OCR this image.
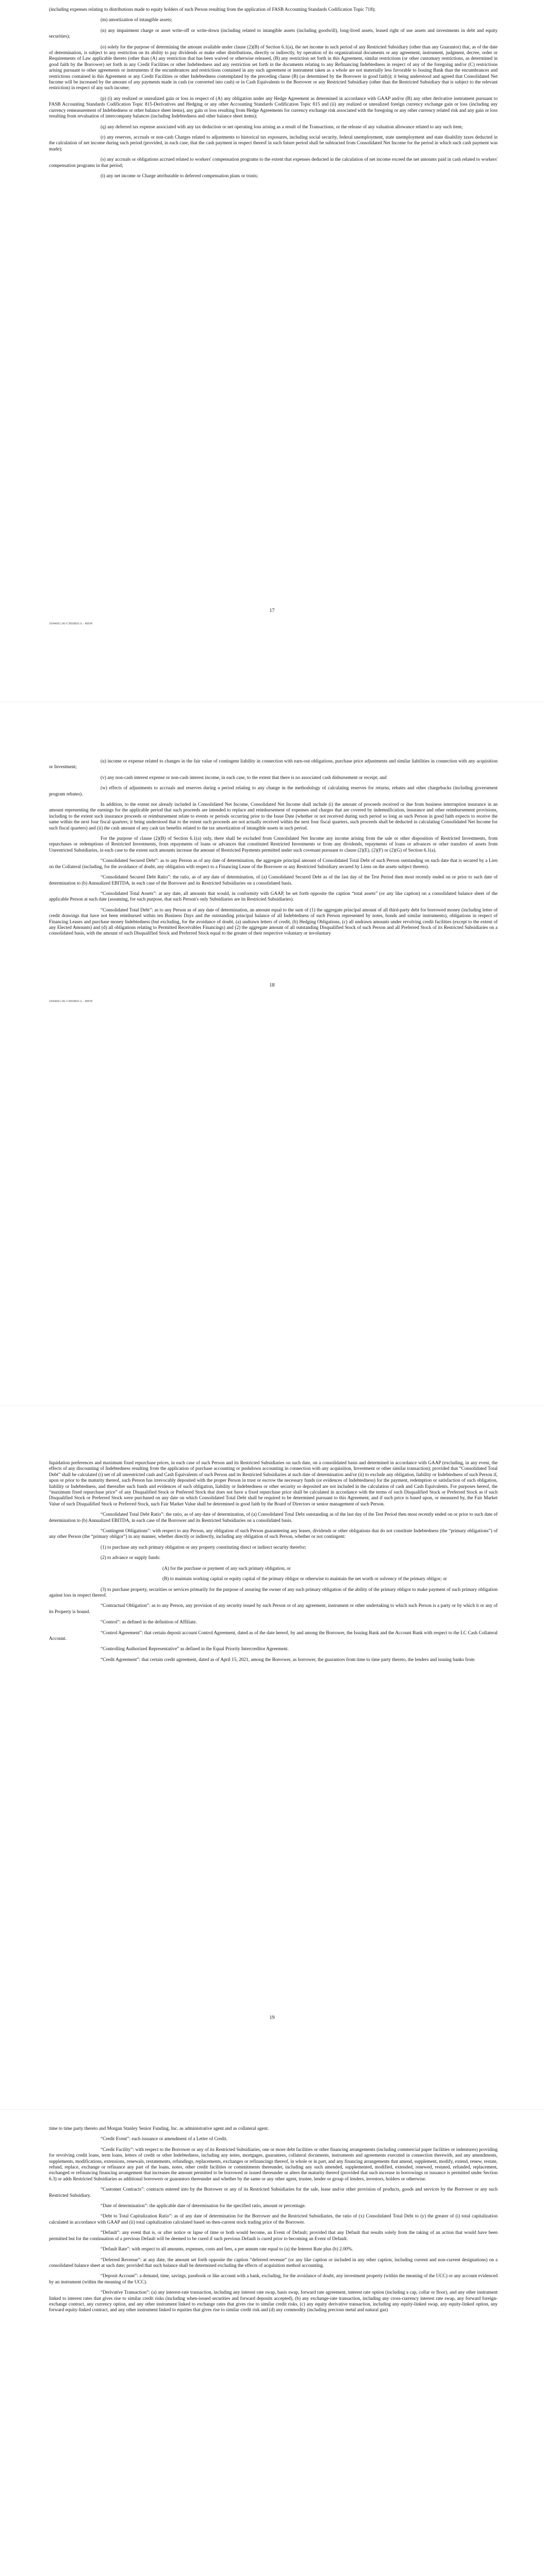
(including expenses relating to distributions made to equity holders of such Person resulting from the application of FASB Accounting Standards Codification Topic 718);

(m) amortization of intangible assets;

(n) any impairment charge or asset write-off or write-down (including related to intangible assets (including goodwill), long-lived assets, leased right of use assets and investments in debt and equity securities);

(o) solely for the purpose of determining the amount available under clause (2)(B) of Section 6.1(a), the net income in such period of any Restricted Subsidiary (other than any Guarantor) that, as of the date of determination, is subject to any restriction on its ability to pay dividends or make other distributions, directly or indirectly, by operation of its organizational documents or any agreement, instrument, judgment, decree, order or Requirements of Law applicable thereto (other than (A) any restriction that has been waived or otherwise released, (B) any restriction set forth in this Agreement, similar restrictions (or other customary restrictions, as determined in good faith by the Borrower) set forth in any Credit Facilities or other Indebtedness and any restriction set forth in the documents relating to any Refinancing Indebtedness in respect of any of the foregoing and/or (C) restrictions arising pursuant to other agreements or instruments if the encumbrances and restrictions contained in any such agreement or instrument taken as a whole are not materially less favorable to Issuing Bank than the encumbrances and restrictions contained in this Agreement or any Credit Facilities or other Indebtedness contemplated by the preceding clause (B) (as determined by the Borrower in good faith)); it being understood and agreed that Consolidated Net Income will be increased by the amount of any payments made in cash (or converted into cash) or in Cash Equivalents to the Borrower or any Restricted Subsidiary (other than the Restricted Subsidiary that is subject to the relevant restriction) in respect of any such income;

(p) (i) any realized or unrealized gain or loss in respect of (A) any obligation under any Hedge Agreement as determined in accordance with GAAP and/or (B) any other derivative instrument pursuant to FASB Accounting Standards Codification Topic 815-Derivatives and Hedging or any other Accounting Standards Codification Topic 815 and (ii) any realized or unrealized foreign currency exchange gain or loss (including any currency remeasurement of Indebtedness or other balance sheet items), any gain or loss resulting from Hedge Agreements for currency exchange risk associated with the foregoing or any other currency related risk and any gain or loss resulting from revaluation of intercompany balances (including Indebtedness and other balance sheet items);

(q) any deferred tax expense associated with any tax deduction or net operating loss arising as a result of the Transactions, or the release of any valuation allowance related to any such item;

(r) any reserves, accruals or non-cash Charges related to adjustments to historical tax exposures, including social security, federal unemployment, state unemployment and state disability taxes deducted in the calculation of net income during such period (provided, in each case, that the cash payment in respect thereof in such future period shall be subtracted from Consolidated Net Income for the period in which such cash payment was made);

(s) any accruals or obligations accrued related to workers' compensation programs to the extent that expenses deducted in the calculation of net income exceed the net amounts paid in cash related to workers' compensation programs in that period;

(t) any net income or Charge attributable to deferred compensation plans or trusts;

17
1094001.06-CHISR01A - MSW

(u) income or expense related to changes in the fair value of contingent liability in connection with earn-out obligations, purchase price adjustments and similar liabilities in connection with any acquisition or Investment;

(v) any non-cash interest expense or non-cash interest income, in each case, to the extent that there is no associated cash disbursement or receipt; and

(w) effects of adjustments to accruals and reserves during a period relating to any change in the methodology of calculating reserves for returns, rebates and other chargebacks (including government program rebates).

In addition, to the extent not already included in Consolidated Net Income, Consolidated Net Income shall include (i) the amount of proceeds received or due from business interruption insurance in an amount representing the earnings for the applicable period that such proceeds are intended to replace and reimbursement of expenses and charges that are covered by indemnification, insurance and other reimbursement provisions, including to the extent such insurance proceeds or reimbursement relate to events or periods occurring prior to the Issue Date (whether or not received during such period so long as such Person in good faith expects to receive the same within the next four fiscal quarters; it being understood that to the extent such proceeds are not actually received within the next four fiscal quarters, such proceeds shall be deducted in calculating Consolidated Net Income for such fiscal quarters) and (ii) the cash amount of any cash tax benefits related to the tax amortization of intangible assets in such period.

For the purpose of clause (2)(B) of Section 6.1(a) only, there shall be excluded from Consolidated Net Income any income arising from the sale or other disposition of Restricted Investments, from repurchases or redemptions of Restricted Investments, from repayments of loans or advances that constituted Restricted Investments or from any dividends, repayments of loans or advances or other transfers of assets from Unrestricted Subsidiaries, in each case to the extent such amounts increase the amount of Restricted Payments permitted under such covenant pursuant to clause (2)(E), (2)(F) or (2)(G) of Section 6.1(a).

“Consolidated Secured Debt”: as to any Person as of any date of determination, the aggregate principal amount of Consolidated Total Debt of such Person outstanding on such date that is secured by a Lien on the Collateral (including, for the avoidance of doubt, any obligation with respect to a Financing Lease of the Borrower or any Restricted Subsidiary secured by Liens on the assets subject thereto).

“Consolidated Secured Debt Ratio”: the ratio, as of any date of determination, of (a) Consolidated Secured Debt as of the last day of the Test Period then most recently ended on or prior to such date of determination to (b) Annualized EBITDA, in each case of the Borrower and its Restricted Subsidiaries on a consolidated basis.

“Consolidated Total Assets”: at any date, all amounts that would, in conformity with GAAP, be set forth opposite the caption “total assets” (or any like caption) on a consolidated balance sheet of the applicable Person at such date (assuming, for such purpose, that such Person's only Subsidiaries are its Restricted Subsidiaries).

“Consolidated Total Debt”: as to any Person as of any date of determination, an amount equal to the sum of (1) the aggregate principal amount of all third-party debt for borrowed money (including letter of credit drawings that have not been reimbursed within ten Business Days and the outstanding principal balance of all Indebtedness of such Person represented by notes, bonds and similar instruments), obligations in respect of Financing Leases and purchase money Indebtedness (but excluding, for the avoidance of doubt, (a) undrawn letters of credit, (b) Hedging Obligations, (c) all undrawn amounts under revolving credit facilities (except to the extent of any Elected Amounts) and (d) all obligations relating to Permitted Receivables Financings) and (2) the aggregate amount of all outstanding Disqualified Stock of such Person and all Preferred Stock of its Restricted Subsidiaries on a consolidated basis, with the amount of such Disqualified Stock and Preferred Stock equal to the greater of their respective voluntary or involuntary

18
1094001.06-CHISR01A - MSW

liquidation preferences and maximum fixed repurchase prices, in each case of such Person and its Restricted Subsidiaries on such date, on a consolidated basis and determined in accordance with GAAP (excluding, in any event, the effects of any discounting of Indebtedness resulting from the application of purchase accounting or pushdown accounting in connection with any acquisition, Investment or other similar transaction); provided that “Consolidated Total Debt” shall be calculated (i) net of all unrestricted cash and Cash Equivalents of such Person and its Restricted Subsidiaries at such date of determination and/or (ii) to exclude any obligation, liability or Indebtedness of such Person if, upon or prior to the maturity thereof, such Person has irrevocably deposited with the proper Person in trust or escrow the necessary funds (or evidences of Indebtedness) for the payment, redemption or satisfaction of such obligation, liability or Indebtedness, and thereafter such funds and evidences of such obligation, liability or Indebtedness or other security so deposited are not included in the calculation of cash and Cash Equivalents. For purposes hereof, the “maximum fixed repurchase price” of any Disqualified Stock or Preferred Stock that does not have a fixed repurchase price shall be calculated in accordance with the terms of such Disqualified Stock or Preferred Stock as if such Disqualified Stock or Preferred Stock were purchased on any date on which Consolidated Total Debt shall be required to be determined pursuant to this Agreement, and if such price is based upon, or measured by, the Fair Market Value of such Disqualified Stock or Preferred Stock, such Fair Market Value shall be determined in good faith by the Board of Directors or senior management of such Person.

“Consolidated Total Debt Ratio”: the ratio, as of any date of determination, of (a) Consolidated Total Debt outstanding as of the last day of the Test Period then most recently ended on or prior to such date of determination to (b) Annualized EBITDA, in each case of the Borrower and its Restricted Subsidiaries on a consolidated basis.

“Contingent Obligations”: with respect to any Person, any obligation of such Person guaranteeing any leases, dividends or other obligations that do not constitute Indebtedness (the “primary obligations”) of any other Person (the “primary obligor”) in any manner, whether directly or indirectly, including any obligation of such Person, whether or not contingent:

(1) to purchase any such primary obligation or any property constituting direct or indirect security therefor;

(2) to advance or supply funds:

(A) for the purchase or payment of any such primary obligation, or

(B) to maintain working capital or equity capital of the primary obligor or otherwise to maintain the net worth or solvency of the primary obligor; or

(3) to purchase property, securities or services primarily for the purpose of assuring the owner of any such primary obligation of the ability of the primary obligor to make payment of such primary obligation against loss in respect thereof.

“Contractual Obligation”: as to any Person, any provision of any security issued by such Person or of any agreement, instrument or other undertaking to which such Person is a party or by which it or any of its Property is bound.

“Control”: as defined in the definition of Affiliate.

“Control Agreement”: that certain deposit account Control Agreement, dated as of the date hereof, by and among the Borrower, the Issuing Bank and the Account Bank with respect to the LC Cash Collateral Account.

“Controlling Authorized Representative” as defined in the Equal Priority Intercreditor Agreement.

“Credit Agreement”: that certain credit agreement, dated as of April 15, 2021, among the Borrower, as borrower, the guarantors from time to time party thereto, the lenders and issuing banks from

19

time to time party thereto and Morgan Stanley Senior Funding, Inc. as administrative agent and as collateral agent.

“Credit Event”: each issuance or amendment of a Letter of Credit.

“Credit Facility”: with respect to the Borrower or any of its Restricted Subsidiaries, one or more debt facilities or other financing arrangements (including commercial paper facilities or indentures) providing for revolving credit loans, term loans, letters of credit or other Indebtedness, including any notes, mortgages, guarantees, collateral documents, instruments and agreements executed in connection therewith, and any amendments, supplements, modifications, extensions, renewals, restatements, refundings, replacements, exchanges or refinancings thereof, in whole or in part, and any financing arrangements that amend, supplement, modify, extend, renew, restate, refund, replace, exchange or refinance any part of the loans, notes, other credit facilities or commitments thereunder, including any such amended, supplemented, modified, extended, renewed, restated, refunded, replacement, exchanged or refinancing financing arrangement that increases the amount permitted to be borrowed or issued thereunder or alters the maturity thereof (provided that such increase in borrowings or issuance is permitted under Section 6.3) or adds Restricted Subsidiaries as additional borrowers or guarantors thereunder and whether by the same or any other agent, trustee, lender or group of lenders, investors, holders or otherwise.

“Customer Contracts”: contracts entered into by the Borrower or any of its Restricted Subsidiaries for the sale, lease and/or other provision of products, goods and services by the Borrower or any such Restricted Subsidiary.

“Date of determination”: the applicable date of determination for the specified ratio, amount or percentage.

“Debt to Total Capitalization Ratio”: as of any date of determination for the Borrower and the Restricted Subsidiaries, the ratio of (x) Consolidated Total Debt to (y) the greater of (i) total capitalization calculated in accordance with GAAP and (ii) total capitalization calculated based on then-current stock trading price of the Borrower.

“Default”: any event that is, or after notice or lapse of time or both would become, an Event of Default; provided that any Default that results solely from the taking of an action that would have been permitted but for the continuation of a previous Default will be deemed to be cured if such previous Default is cured prior to becoming an Event of Default.

“Default Rate”: with respect to all amounts, expenses, costs and fees, a per annum rate equal to (a) the Interest Rate plus (b) 2.00%.

“Deferred Revenue”: at any date, the amount set forth opposite the caption “deferred revenue” (or any like caption or included in any other caption, including current and non-current designations) on a consolidated balance sheet at such date; provided that such balance shall be determined excluding the effects of acquisition method accounting.

“Deposit Account”: a demand, time, savings, passbook or like account with a bank, excluding, for the avoidance of doubt, any investment property (within the meaning of the UCC) or any account evidenced by an instrument (within the meaning of the UCC).

“Derivative Transaction”: (a) any interest-rate transaction, including any interest rate swap, basis swap, forward rate agreement, interest rate option (including a cap, collar or floor), and any other instrument linked to interest rates that gives rise to similar credit risks (including when-issued securities and forward deposits accepted), (b) any exchange-rate transaction, including any cross-currency interest rate swap, any forward foreign-exchange contract, any currency option, and any other instrument linked to exchange rates that gives rise to similar credit risks, (c) any equity derivative transaction, including any equity-linked swap, any equity-linked option, any forward equity-linked contract, and any other instrument linked to equities that gives rise to similar credit risk and (d) any commodity (including precious metal and natural gas)
